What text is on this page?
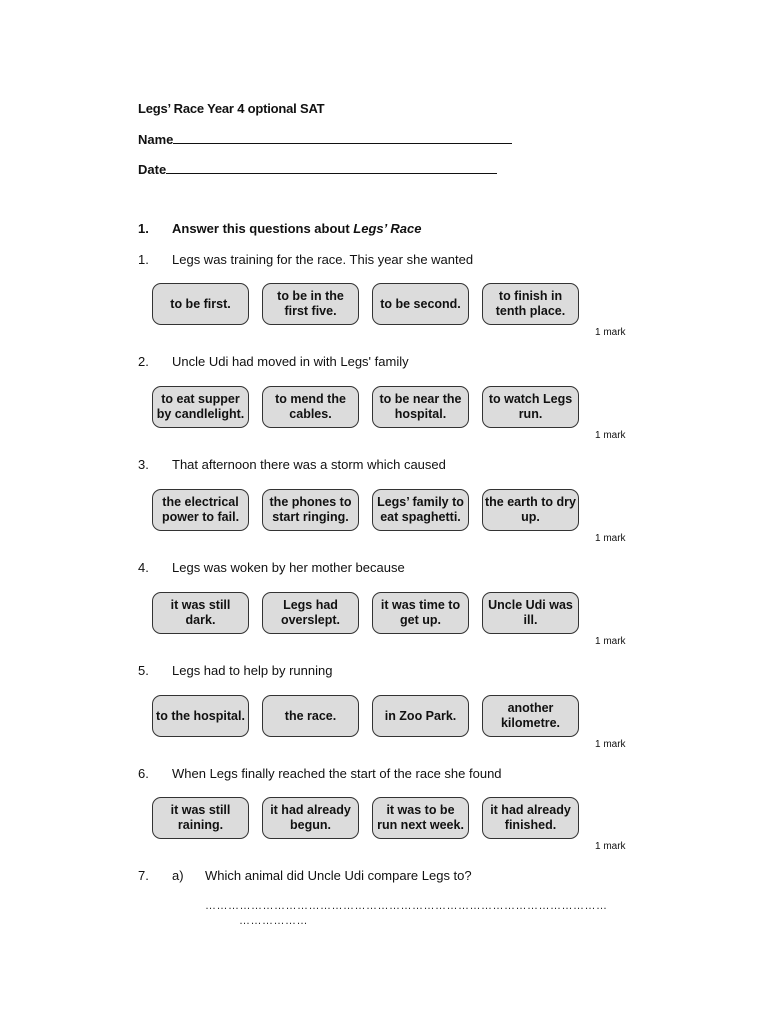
Legs’ Race Year 4 optional SAT
Name
Date
1. Answer this questions about Legs’ Race
1. Legs was training for the race. This year she wanted
to be first.
to be in the first five.
to be second.
to finish in tenth place.
1 mark
2. Uncle Udi had moved in with Legs' family
to eat supper by candlelight.
to mend the cables.
to be near the hospital.
to watch Legs run.
1 mark
3. That afternoon there was a storm which caused
the electrical power to fail.
the phones to start ringing.
Legs’ family to eat spaghetti.
the earth to dry up.
1 mark
4. Legs was woken by her mother because
it was still dark.
Legs had overslept.
it was time to get up.
Uncle Udi was ill.
1 mark
5. Legs had to help by running
to the hospital.	the race.	in Zoo Park.
another kilometre.
1 mark
6. When Legs finally reached the start of the race she found
it was still raining.
it had already begun.
it was to be run next week.
it had already finished.
1 mark
7. a) Which animal did Uncle Udi compare Legs to?
……………………………………………………………………………………………
………………
